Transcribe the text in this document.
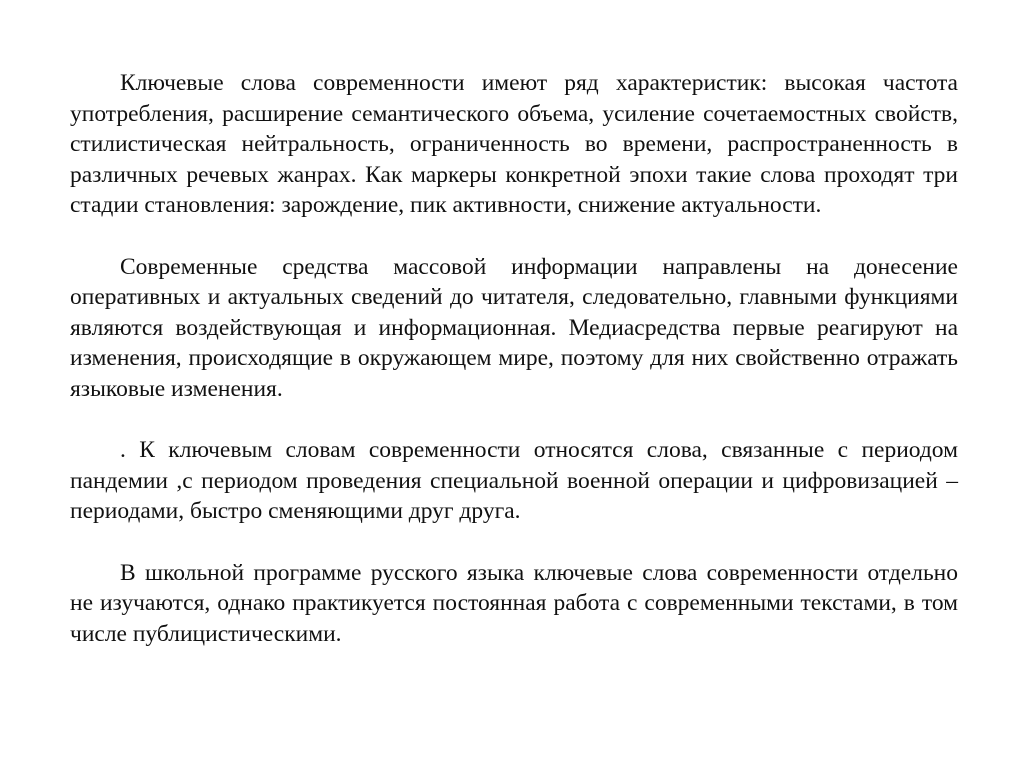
Ключевые слова современности имеют ряд характеристик: высокая частота употребления, расширение семантического объема, усиление сочетаемостных свойств, стилистическая нейтральность, ограниченность во времени, распространенность в различных речевых жанрах. Как маркеры конкретной эпохи такие слова проходят три стадии становления: зарождение, пик активности, снижение актуальности.

Современные средства массовой информации направлены на донесение оперативных и актуальных сведений до читателя, следовательно, главными функциями являются воздействующая и информационная. Медиасредства первые реагируют на изменения, происходящие в окружающем мире, поэтому для них свойственно отражать языковые изменения.

. К ключевым словам современности относятся слова, связанные с периодом пандемии ,с периодом проведения специальной военной операции и цифровизацией – периодами, быстро сменяющими друг друга.

В школьной программе русского языка ключевые слова современности отдельно не изучаются, однако практикуется постоянная работа с современными текстами, в том числе публицистическими.
